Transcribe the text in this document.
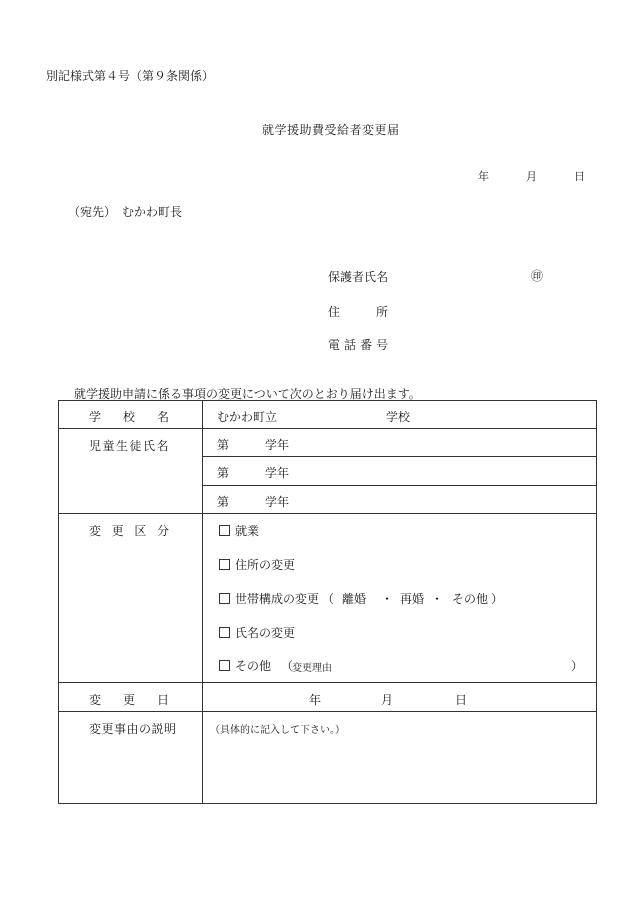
別記様式第４号（第９条関係）
就学援助費受給者変更届
年	月	日
（宛先） むかわ町長
保 護 者 氏 名	㊞
住	所
電 話 番 号
就学援助申請に係る事項の変更について次のとおり届け出ます。
学 校 名	むかわ町立	学校
児童生徒氏名	第	学年
第	学年
第	学年
変 更 区 分	就業
住所の変更
世帯構成の変更 （ 離婚 ・ 再婚 ・ その他 ）
氏名の変更
その他 （
変更理由	）
変 更 日	年	月	日
変更事由の説明	（具体的に記入して下さい。）
